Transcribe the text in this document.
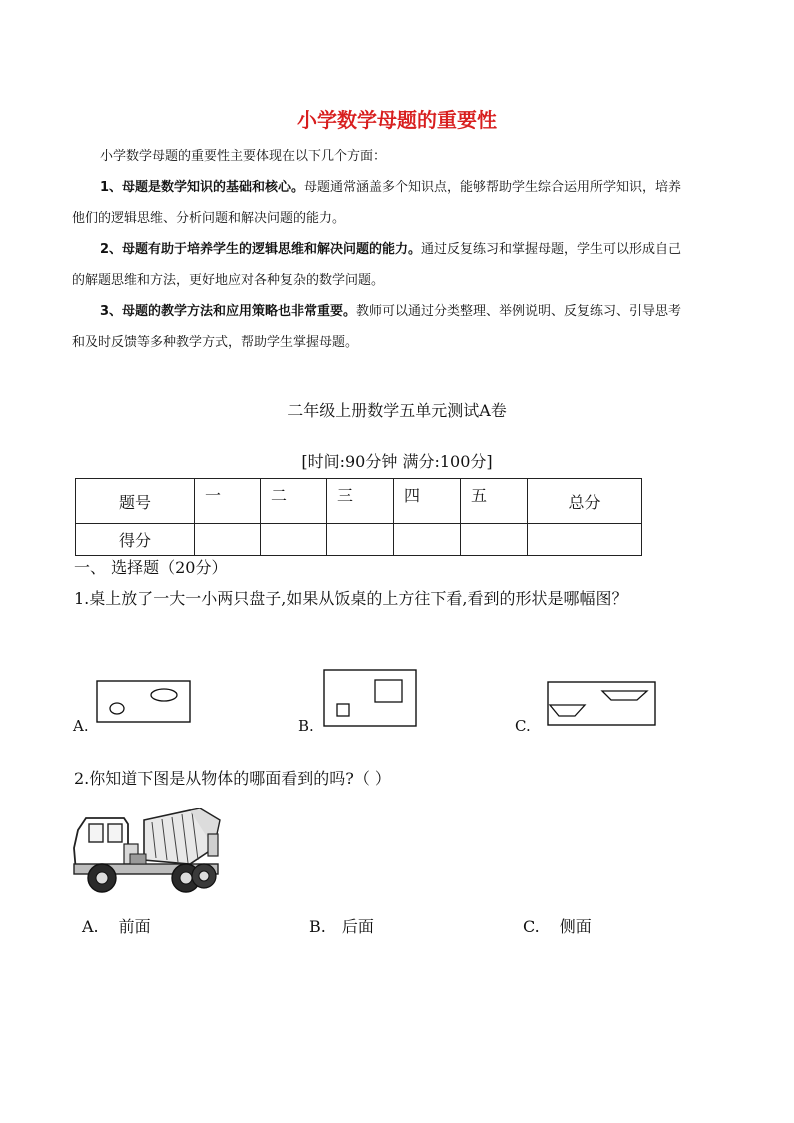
小学数学母题的重要性
小学数学母题的重要性主要体现在以下几个方面：
1、母题是数学知识的基础和核心。母题通常涵盖多个知识点，能够帮助学生综合运用所学知识，培养
他们的逻辑思维、分析问题和解决问题的能力。
2、母题有助于培养学生的逻辑思维和解决问题的能力。通过反复练习和掌握母题，学生可以形成自己
的解题思维和方法，更好地应对各种复杂的数学问题。
3、母题的教学方法和应用策略也非常重要。教师可以通过分类整理、举例说明、反复练习、引导思考
和及时反馈等多种教学方式，帮助学生掌握母题。
二年级上册数学五单元测试A卷
[时间:90分钟 满分:100分]
题号	一	二	三	四	五	总分
得分						
一、 选择题（20分）
1.桌上放了一大一小两只盘子,如果从饭桌的上方往下看,看到的形状是哪幅图？
A.	B.	C.
2.你知道下图是从物体的哪面看到的吗?（ ）
A. 前面	B. 后面	C. 侧面
